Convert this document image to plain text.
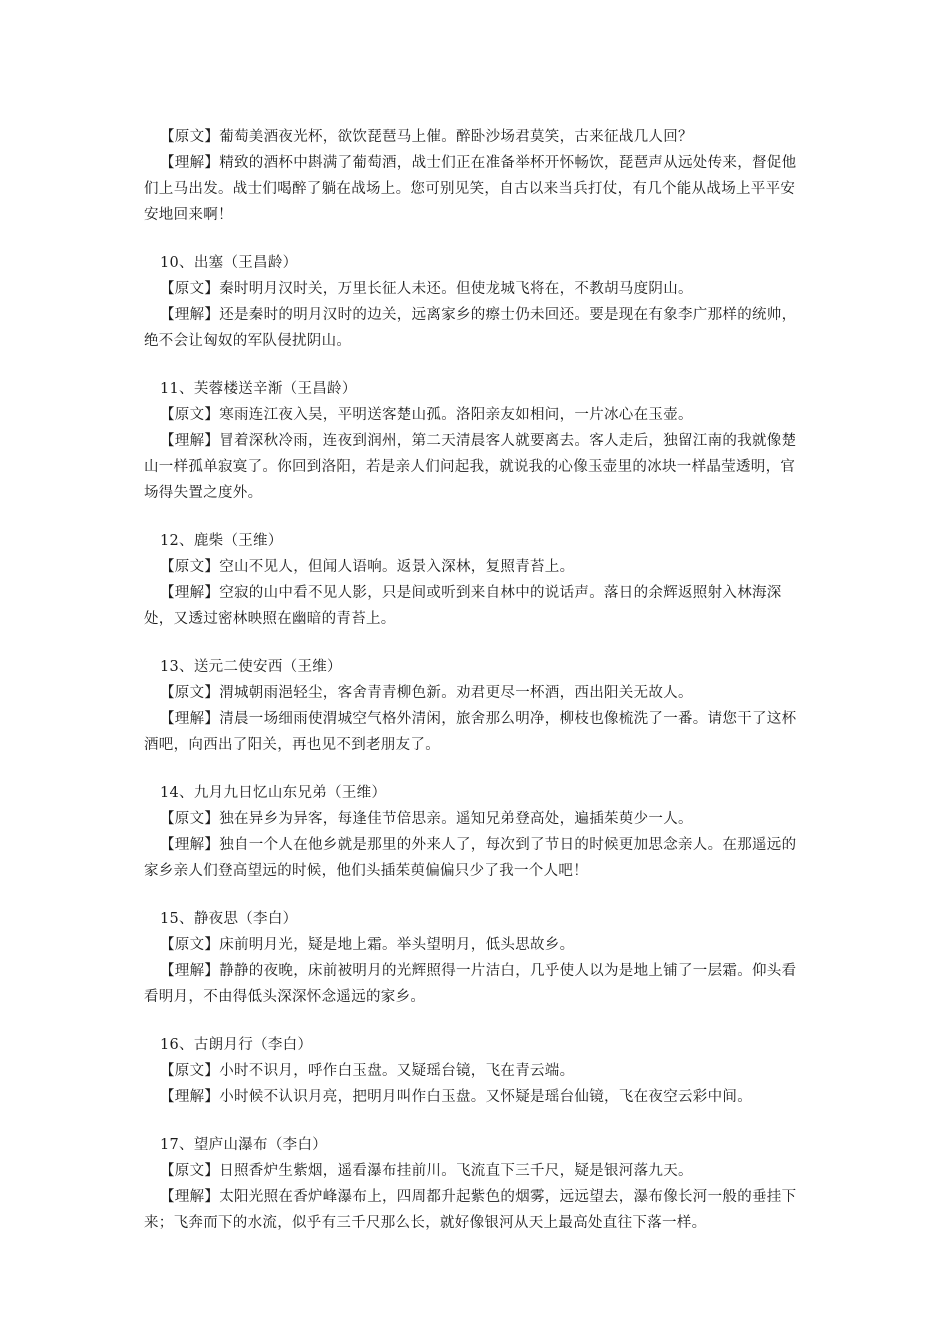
【原文】葡萄美酒夜光杯，欲饮琵琶马上催。醉卧沙场君莫笑，古来征战几人回？
【理解】精致的酒杯中斟满了葡萄酒，战士们正在准备举杯开怀畅饮，琵琶声从远处传来，督促他们上马出发。战士们喝醉了躺在战场上。您可别见笑，自古以来当兵打仗，有几个能从战场上平平安安地回来啊！
10、出塞（王昌龄）
【原文】秦时明月汉时关，万里长征人未还。但使龙城飞将在，不教胡马度阴山。
【理解】还是秦时的明月汉时的边关，远离家乡的瘵士仍未回还。要是现在有象李广那样的统帅，绝不会让匈奴的军队侵扰阴山。
11、芙蓉楼送辛渐（王昌龄）
【原文】寒雨连江夜入吴，平明送客楚山孤。洛阳亲友如相问，一片冰心在玉壶。
【理解】冒着深秋冷雨，连夜到润州，第二天清晨客人就要离去。客人走后，独留江南的我就像楚山一样孤单寂寞了。你回到洛阳，若是亲人们问起我，就说我的心像玉壶里的冰块一样晶莹透明，官场得失置之度外。
12、鹿柴（王维）
【原文】空山不见人，但闻人语响。返景入深林，复照青苔上。
【理解】空寂的山中看不见人影，只是间或听到来自林中的说话声。落日的余辉返照射入林海深处，又透过密林映照在幽暗的青苔上。
13、送元二使安西（王维）
【原文】渭城朝雨浥轻尘，客舍青青柳色新。劝君更尽一杯酒，西出阳关无故人。
【理解】清晨一场细雨使渭城空气格外清闲，旅舍那么明净，柳枝也像梳洗了一番。请您干了这杯酒吧，向西出了阳关，再也见不到老朋友了。
14、九月九日忆山东兄弟（王维）
【原文】独在异乡为异客，每逢佳节倍思亲。遥知兄弟登高处，遍插茱萸少一人。
【理解】独自一个人在他乡就是那里的外来人了，每次到了节日的时候更加思念亲人。在那遥远的家乡亲人们登高望远的时候，他们头插茱萸偏偏只少了我一个人吧！
15、静夜思（李白）
【原文】床前明月光，疑是地上霜。举头望明月，低头思故乡。
【理解】静静的夜晚，床前被明月的光辉照得一片洁白，几乎使人以为是地上铺了一层霜。仰头看看明月，不由得低头深深怀念遥远的家乡。
16、古朗月行（李白）
【原文】小时不识月，呼作白玉盘。又疑瑶台镜，飞在青云端。
【理解】小时候不认识月亮，把明月叫作白玉盘。又怀疑是瑶台仙镜，飞在夜空云彩中间。
17、望庐山瀑布（李白）
【原文】日照香炉生紫烟，遥看瀑布挂前川。飞流直下三千尺，疑是银河落九天。
【理解】太阳光照在香炉峰瀑布上，四周都升起紫色的烟雾，远远望去，瀑布像长河一般的垂挂下来；飞奔而下的水流，似乎有三千尺那么长，就好像银河从天上最高处直往下落一样。
